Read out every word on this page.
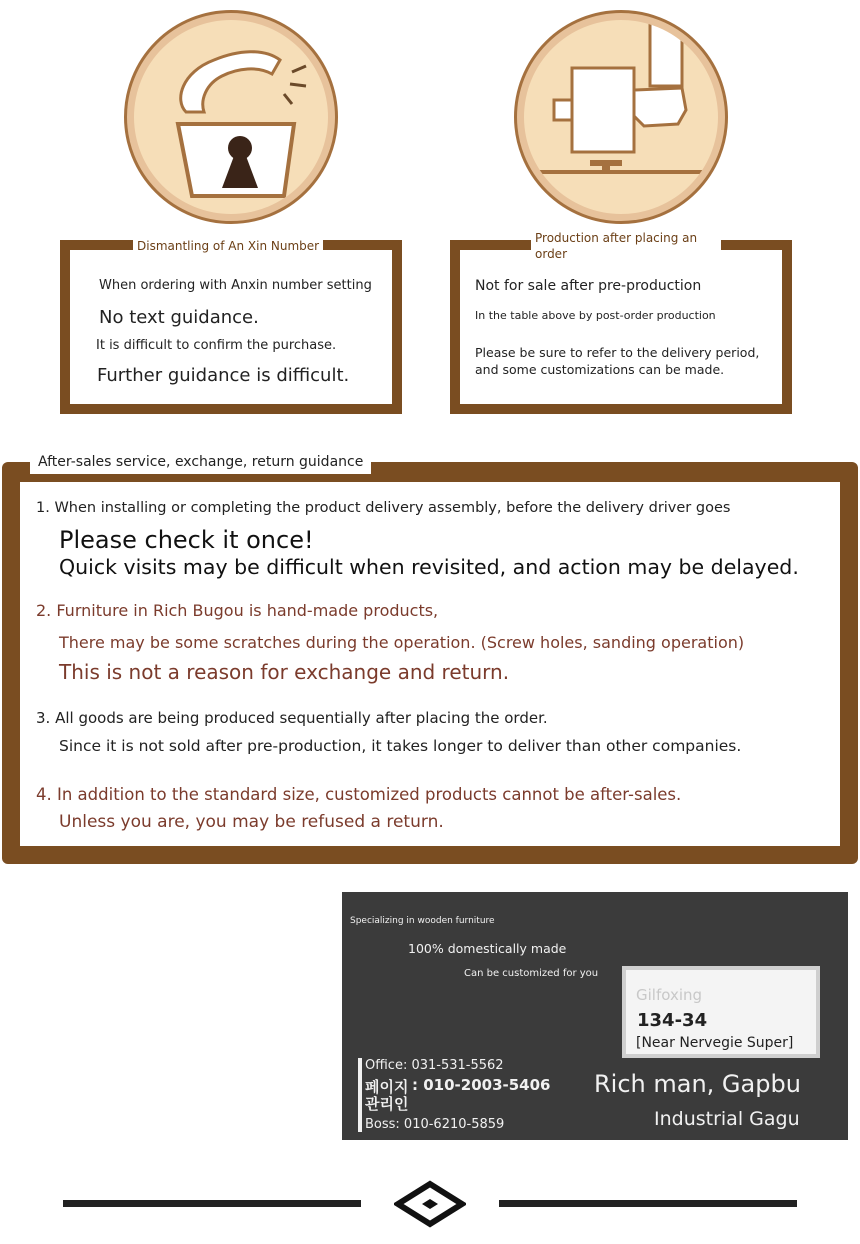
Dismantling of An Xin Number
When ordering with Anxin number setting
No text guidance.
It is difficult to confirm the purchase.
Further guidance is difficult.
Production after placing an
order
Not for sale after pre-production
In the table above by post-order production
Please be sure to refer to the delivery period,
and some customizations can be made.
After-sales service, exchange, return guidance
1. When installing or completing the product delivery assembly, before the delivery driver goes
Please check it once!
Quick visits may be difficult when revisited, and action may be delayed.
2. Furniture in Rich Bugou is hand-made products,
There may be some scratches during the operation. (Screw holes, sanding operation)
This is not a reason for exchange and return.
3. All goods are being produced sequentially after placing the order.
Since it is not sold after pre-production, it takes longer to deliver than other companies.
4. In addition to the standard size, customized products cannot be after-sales.
Unless you are, you may be refused a return.
Specializing in wooden furniture
100% domestically made
Can be customized for you
Gilfoxing
134-34
[Near Nervegie Super]
Office: 031-531-5562
페이지 : 010-2003-5406
관리인
Boss: 010-6210-5859
Rich man, Gapbu
Industrial Gagu
